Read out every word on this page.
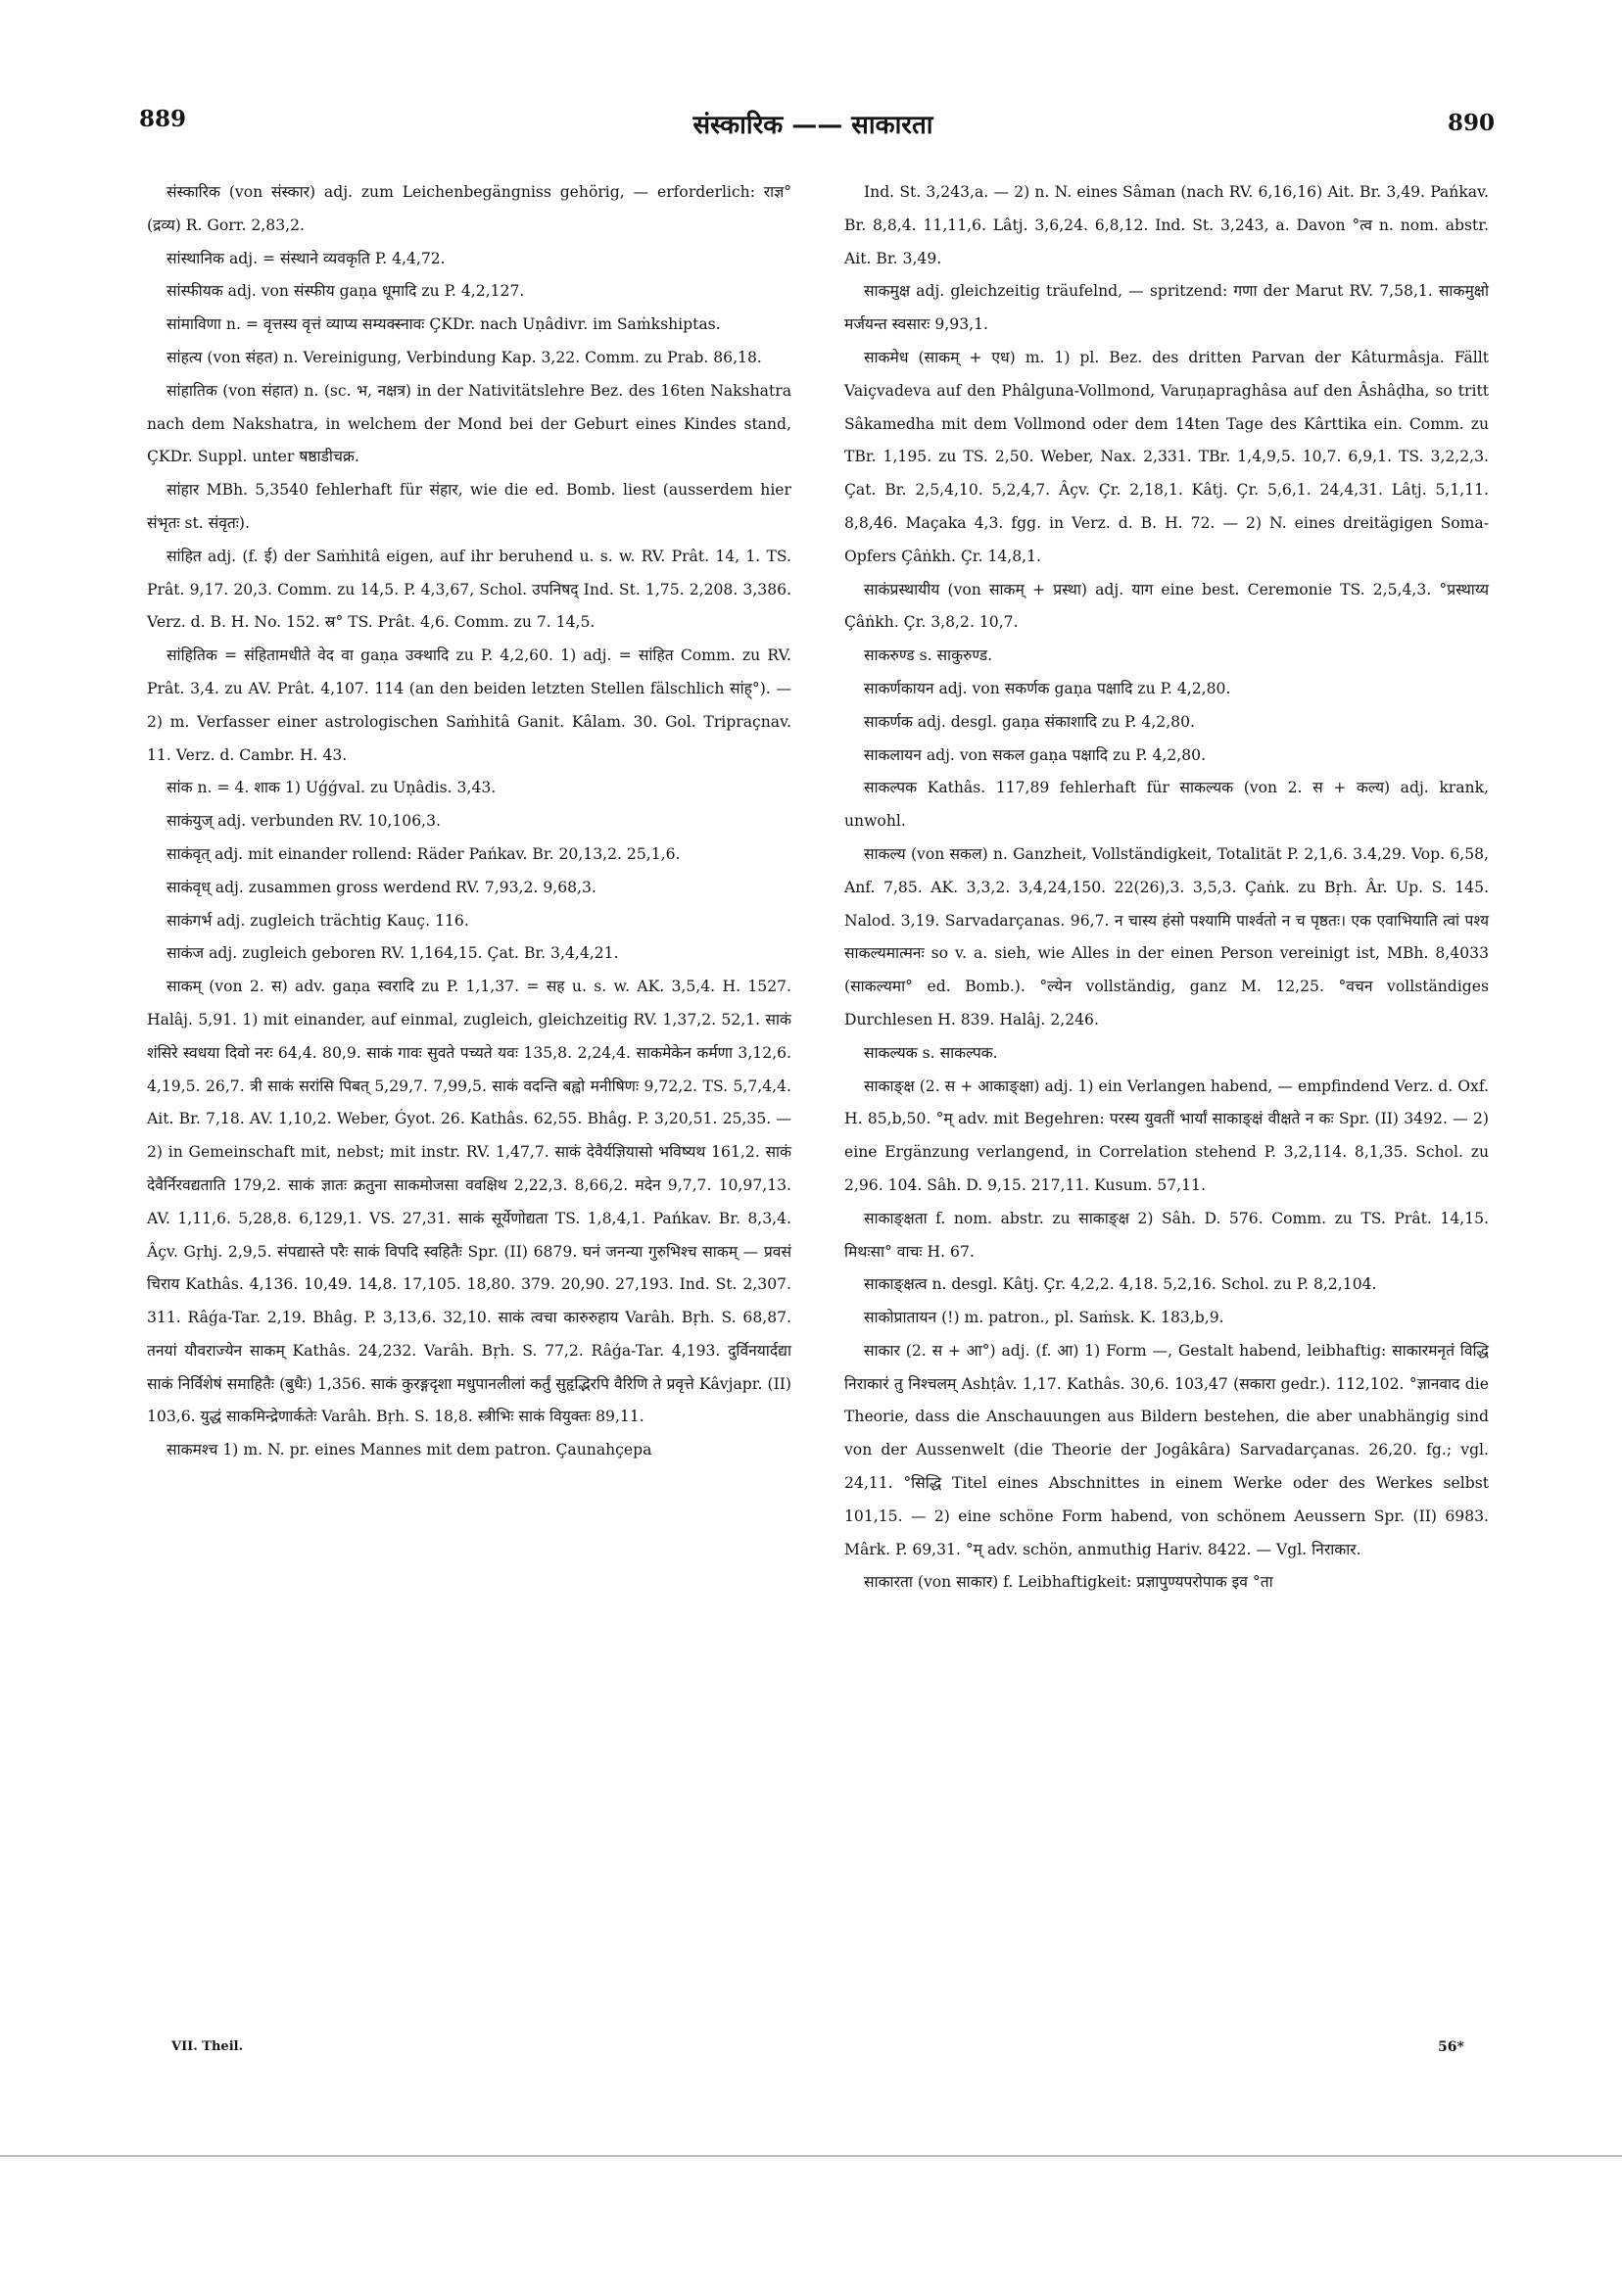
889	संस्कारिक —— साकारता	890

संस्कारिक (von संस्कार) adj. zum Leichenbegängniss gehörig, — erforderlich: राज्ञ° (द्रव्य) R. Gorr. 2,83,2.

सांस्थानिक adj. = संस्थाने व्यवकृति P. 4,4,72.

सांस्फीयक adj. von संस्फीय gaṇa धूमादि zu P. 4,2,127.

सांमाविणा n. = वृत्तस्य वृत्तं व्याप्य सम्यक्स्नावः ÇKDr. nach Uṇâdivr. im Saṁkshiptas.

सांहत्य (von संहत) n. Vereinigung, Verbindung Kap. 3,22. Comm. zu Prab. 86,18.

सांहातिक (von संहात) n. (sc. भ, नक्षत्र) in der Nativitätslehre Bez. des 16ten Nakshatra nach dem Nakshatra, in welchem der Mond bei der Geburt eines Kindes stand, ÇKDr. Suppl. unter षष्ठाडीचक्र.

सांहार MBh. 5,3540 fehlerhaft für संहार, wie die ed. Bomb. liest (ausserdem hier संभृतः st. संवृतः).

सांहित adj. (f. ई) der Saṁhitâ eigen, auf ihr beruhend u. s. w. RV. Prât. 14, 1. TS. Prât. 9,17. 20,3. Comm. zu 14,5. P. 4,3,67, Schol. उपनिषद् Ind. St. 1,75. 2,208. 3,386. Verz. d. B. H. No. 152. स्र° TS. Prât. 4,6. Comm. zu 7. 14,5.

सांहितिक = संहितामधीते वेद वा gaṇa उक्थादि zu P. 4,2,60. 1) adj. = सांहित Comm. zu RV. Prât. 3,4. zu AV. Prât. 4,107. 114 (an den beiden letzten Stellen fälschlich सांह्°). — 2) m. Verfasser einer astrologischen Saṁhitâ Ganit. Kâlam. 30. Gol. Tripraçnav. 11. Verz. d. Cambr. H. 43.

सांक n. = 4. शाक 1) Uǵǵval. zu Uṇâdis. 3,43.

साकंयुज् adj. verbunden RV. 10,106,3.

साकंवृत् adj. mit einander rollend: Räder Pańkav. Br. 20,13,2. 25,1,6.

साकंवृध् adj. zusammen gross werdend RV. 7,93,2. 9,68,3.

साकंगर्भ adj. zugleich trächtig Kauç. 116.

साकंज adj. zugleich geboren RV. 1,164,15. Çat. Br. 3,4,4,21.

साकम् (von 2. स) adv. gaṇa स्वरादि zu P. 1,1,37. = सह u. s. w. AK. 3,5,4. H. 1527. Halâj. 5,91. 1) mit einander, auf einmal, zugleich, gleichzeitig RV. 1,37,2. 52,1. साकं शंसिरे स्वधया दिवो नरः 64,4. 80,9. साकं गावः सुवते पच्यते यवः 135,8. 2,24,4. साकमेकेन कर्मणा 3,12,6. 4,19,5. 26,7. त्री साकं सरांसि पिबत् 5,29,7. 7,99,5. साकं वदन्ति बह्वो मनीषिणः 9,72,2. TS. 5,7,4,4. Ait. Br. 7,18. AV. 1,10,2. Weber, Ǵyot. 26. Kathâs. 62,55. Bhâg. P. 3,20,51. 25,35. — 2) in Gemeinschaft mit, nebst; mit instr. RV. 1,47,7. साकं देवैर्यज्ञियासो भविष्यथ 161,2. साकं देवैर्निरवद्यताति 179,2. साकं ज्ञातः क्रतुना साकमोजसा ववक्षिथ 2,22,3. 8,66,2. मदेन 9,7,7. 10,97,13. AV. 1,11,6. 5,28,8. 6,129,1. VS. 27,31. साकं सूर्येणोद्यता TS. 1,8,4,1. Pańkav. Br. 8,3,4. Âçv. Gṛhj. 2,9,5. संपद्यास्ते परैः साकं विपदि स्वहितैः Spr. (II) 6879. घनं जनन्या गुरुभिश्च साकम् — प्रवसं चिराय Kathâs. 4,136. 10,49. 14,8. 17,105. 18,80. 379. 20,90. 27,193. Ind. St. 2,307. 311. Râǵa-Tar. 2,19. Bhâg. P. 3,13,6. 32,10. साकं त्वचा कारुरुहाय Varâh. Bṛh. S. 68,87. तनयां यौवराज्येन साकम् Kathâs. 24,232. Varâh. Bṛh. S. 77,2. Râǵa-Tar. 4,193. दुर्विनयार्दद्या साकं निर्विशेषं समाहितैः (बुधैः) 1,356. साकं कुरङ्गदृशा मधुपानलीलां कर्तुं सुहृद्भिरपि वैरिणि ते प्रवृत्ते Kâvjapr. (II) 103,6. युद्धं साकमिन्द्रेणार्कतेः Varâh. Bṛh. S. 18,8. स्त्रीभिः साकं वियुक्तः 89,11.

साकमश्च 1) m. N. pr. eines Mannes mit dem patron. Çaunahçepa

Ind. St. 3,243,a. — 2) n. N. eines Sâman (nach RV. 6,16,16) Ait. Br. 3,49. Pańkav. Br. 8,8,4. 11,11,6. Lâtj. 3,6,24. 6,8,12. Ind. St. 3,243, a. Davon °त्व n. nom. abstr. Ait. Br. 3,49.

साकमुक्ष adj. gleichzeitig träufelnd, — spritzend: गणा der Marut RV. 7,58,1. साकमुक्षो मर्जयन्त स्वसारः 9,93,1.

साकमेध (साकम् + एध) m. 1) pl. Bez. des dritten Parvan der Kâturmâsja. Fällt Vaiçvadeva auf den Phâlguna-Vollmond, Varuṇapraghâsa auf den Âshâḍha, so tritt Sâkamedha mit dem Vollmond oder dem 14ten Tage des Kârttika ein. Comm. zu TBr. 1,195. zu TS. 2,50. Weber, Nax. 2,331. TBr. 1,4,9,5. 10,7. 6,9,1. TS. 3,2,2,3. Çat. Br. 2,5,4,10. 5,2,4,7. Âçv. Çr. 2,18,1. Kâtj. Çr. 5,6,1. 24,4,31. Lâtj. 5,1,11. 8,8,46. Maçaka 4,3. fgg. in Verz. d. B. H. 72. — 2) N. eines dreitägigen Soma-Opfers Çâṅkh. Çr. 14,8,1.

साकंप्रस्थायीय (von साकम् + प्रस्था) adj. याग eine best. Ceremonie TS. 2,5,4,3. °प्रस्थाय्य Çâṅkh. Çr. 3,8,2. 10,7.

साकरुण्ड s. साकुरुण्ड.

साकर्णकायन adj. von सकर्णक gaṇa पक्षादि zu P. 4,2,80.

साकर्णक adj. desgl. gaṇa संकाशादि zu P. 4,2,80.

साकलायन adj. von सकल gaṇa पक्षादि zu P. 4,2,80.

साकल्पक Kathâs. 117,89 fehlerhaft für साकल्यक (von 2. स + कल्य) adj. krank, unwohl.

साकल्य (von सकल) n. Ganzheit, Vollständigkeit, Totalität P. 2,1,6. 3.4,29. Vop. 6,58, Anf. 7,85. AK. 3,3,2. 3,4,24,150. 22(26),3. 3,5,3. Çaṅk. zu Bṛh. Âr. Up. S. 145. Nalod. 3,19. Sarvadarçanas. 96,7. न चास्य हंसो पश्यामि पार्श्वतो न च पृष्ठतः। एक एवाभियाति त्वां पश्य साकल्यमात्मनः so v. a. sieh, wie Alles in der einen Person vereinigt ist, MBh. 8,4033 (साकल्यमा° ed. Bomb.). °ल्येन vollständig, ganz M. 12,25. °वचन vollständiges Durchlesen H. 839. Halâj. 2,246.

साकल्यक s. साकल्पक.

साकाङ्क्ष (2. स + आकाङ्क्षा) adj. 1) ein Verlangen habend, — empfindend Verz. d. Oxf. H. 85,b,50. °म् adv. mit Begehren: परस्य युवतीं भार्यां साकाङ्क्षं वीक्षते न कः Spr. (II) 3492. — 2) eine Ergänzung verlangend, in Correlation stehend P. 3,2,114. 8,1,35. Schol. zu 2,96. 104. Sâh. D. 9,15. 217,11. Kusum. 57,11.

साकाङ्क्षता f. nom. abstr. zu साकाङ्क्ष 2) Sâh. D. 576. Comm. zu TS. Prât. 14,15. मिथःसा° वाचः H. 67.

साकाङ्क्षत्व n. desgl. Kâtj. Çr. 4,2,2. 4,18. 5,2,16. Schol. zu P. 8,2,104.

साकोप्रातायन (!) m. patron., pl. Saṁsk. K. 183,b,9.

साकार (2. स + आ°) adj. (f. आ) 1) Form —, Gestalt habend, leibhaftig: साकारमनृतं विद्धि निराकारं तु निश्चलम् Ashṭâv. 1,17. Kathâs. 30,6. 103,47 (सकारा gedr.). 112,102. °ज्ञानवाद die Theorie, dass die Anschauungen aus Bildern bestehen, die aber unabhängig sind von der Aussenwelt (die Theorie der Jogâkâra) Sarvadarçanas. 26,20. fg.; vgl. 24,11. °सिद्धि Titel eines Abschnittes in einem Werke oder des Werkes selbst 101,15. — 2) eine schöne Form habend, von schönem Aeussern Spr. (II) 6983. Mârk. P. 69,31. °म् adv. schön, anmuthig Hariv. 8422. — Vgl. निराकार.

साकारता (von साकार) f. Leibhaftigkeit: प्रज्ञापुण्यपरोपाक इव °ता

VII. Theil.	56*
